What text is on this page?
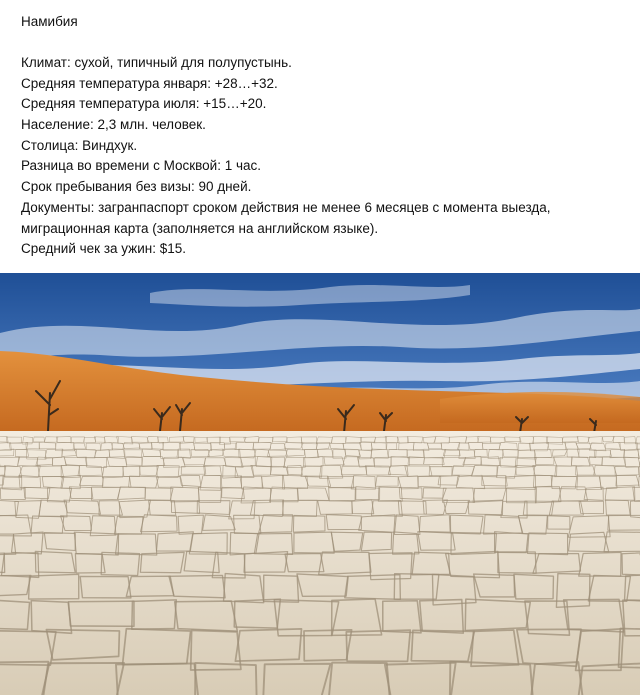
Намибия
Климат: сухой, типичный для полупустынь.
Средняя температура января: +28…+32.
Средняя температура июля: +15…+20.
Население: 2,3 млн. человек.
Столица: Виндхук.
Разница во времени с Москвой: 1 час.
Срок пребывания без визы: 90 дней.
Документы: загранпаспорт сроком действия не менее 6 месяцев с момента выезда,
миграционная карта (заполняется на английском языке).
Средний чек за ужин: $15.
